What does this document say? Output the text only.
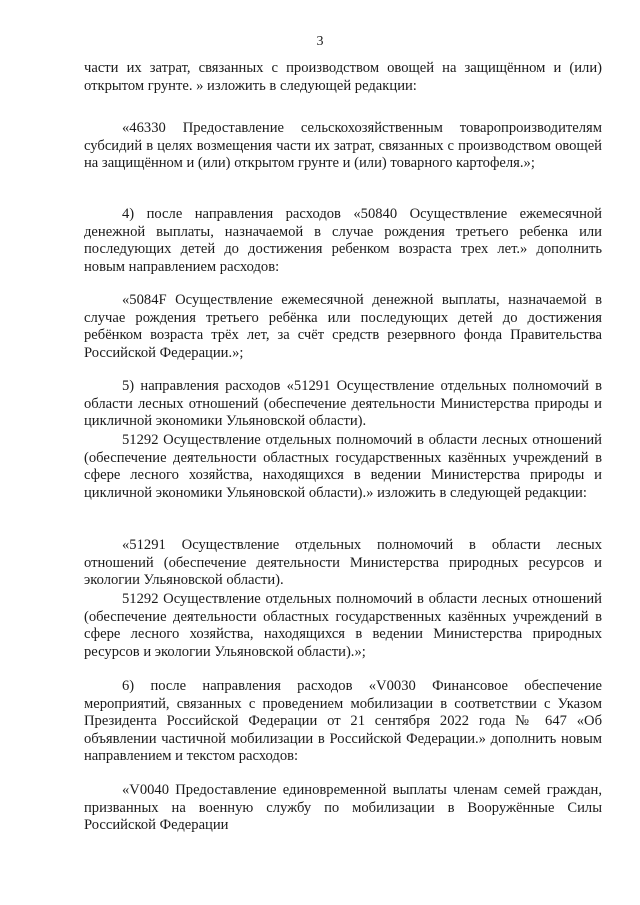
3
части их затрат, связанных с производством овощей на защищённом и (или) открытом грунте. » изложить в следующей редакции:
«46330 Предоставление сельскохозяйственным товаропроизводителям субсидий в целях возмещения части их затрат, связанных с производством овощей на защищённом и (или) открытом грунте и (или) товарного картофеля.»;
4) после направления расходов «50840 Осуществление ежемесячной денежной выплаты, назначаемой в случае рождения третьего ребенка или последующих детей до достижения ребенком возраста трех лет.» дополнить новым направлением расходов:
«5084F Осуществление ежемесячной денежной выплаты, назначаемой в случае рождения третьего ребёнка или последующих детей до достижения ребёнком возраста трёх лет, за счёт средств резервного фонда Правительства Российской Федерации.»;
5) направления расходов «51291 Осуществление отдельных полномочий в области лесных отношений (обеспечение деятельности Министерства природы и цикличной экономики Ульяновской области).
51292 Осуществление отдельных полномочий в области лесных отношений (обеспечение деятельности областных государственных казённых учреждений в сфере лесного хозяйства, находящихся в ведении Министерства природы и цикличной экономики Ульяновской области).» изложить в следующей редакции:
«51291 Осуществление отдельных полномочий в области лесных отношений (обеспечение деятельности Министерства природных ресурсов и экологии Ульяновской области).
51292 Осуществление отдельных полномочий в области лесных отношений (обеспечение деятельности областных государственных казённых учреждений в сфере лесного хозяйства, находящихся в ведении Министерства природных ресурсов и экологии Ульяновской области).»;
6) после направления расходов «V0030 Финансовое обеспечение мероприятий, связанных с проведением мобилизации в соответствии с Указом Президента Российской Федерации от 21 сентября 2022 года № 647 «Об объявлении частичной мобилизации в Российской Федерации.» дополнить новым направлением и текстом расходов:
«V0040 Предоставление единовременной выплаты членам семей граждан, призванных на военную службу по мобилизации в Вооружённые Силы Российской Федерации
